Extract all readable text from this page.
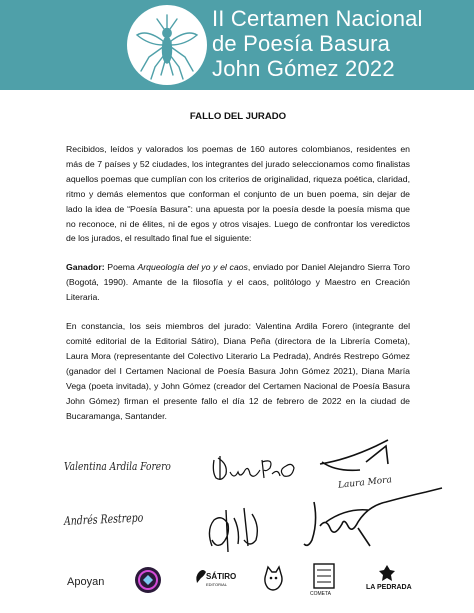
II Certamen Nacional
de Poesía Basura
John Gómez 2022
FALLO DEL JURADO

Recibidos, leídos y valorados los poemas de 160 autores colombianos, residentes en más de 7 países y 52 ciudades, los integrantes del jurado seleccionamos como finalistas aquellos poemas que cumplían con los criterios de originalidad, riqueza poética, claridad, ritmo y demás elementos que conforman el conjunto de un buen poema, sin dejar de lado la idea de “Poesía Basura”: una apuesta por la poesía desde la poesía misma que no reconoce, ni de élites, ni de egos y otros visajes. Luego de confrontar los veredictos de los jurados, el resultado final fue el siguiente:

Ganador: Poema Arqueología del yo y el caos, enviado por Daniel Alejandro Sierra Toro (Bogotá, 1990). Amante de la filosofía y el caos, politólogo y Maestro en Creación Literaria.

En constancia, los seis miembros del jurado: Valentina Ardila Forero (integrante del comité editorial de la Editorial Sátiro), Diana Peña (directora de la Librería Cometa), Laura Mora (representante del Colectivo Literario La Pedrada), Andrés Restrepo Gómez (ganador del I Certamen Nacional de Poesía Basura John Gómez 2021), Diana María Vega (poeta invitada), y John Gómez (creador del Certamen Nacional de Poesía Basura John Gómez) firman el presente fallo el día 12 de febrero de 2022 en la ciudad de Bucaramanga, Santander.

Valentina Ardila Forero
Laura Mora
Andrés Restrepo
Apoyan	SÁTIRO
EDITORIAL
COMETA
LA PEDRADA
